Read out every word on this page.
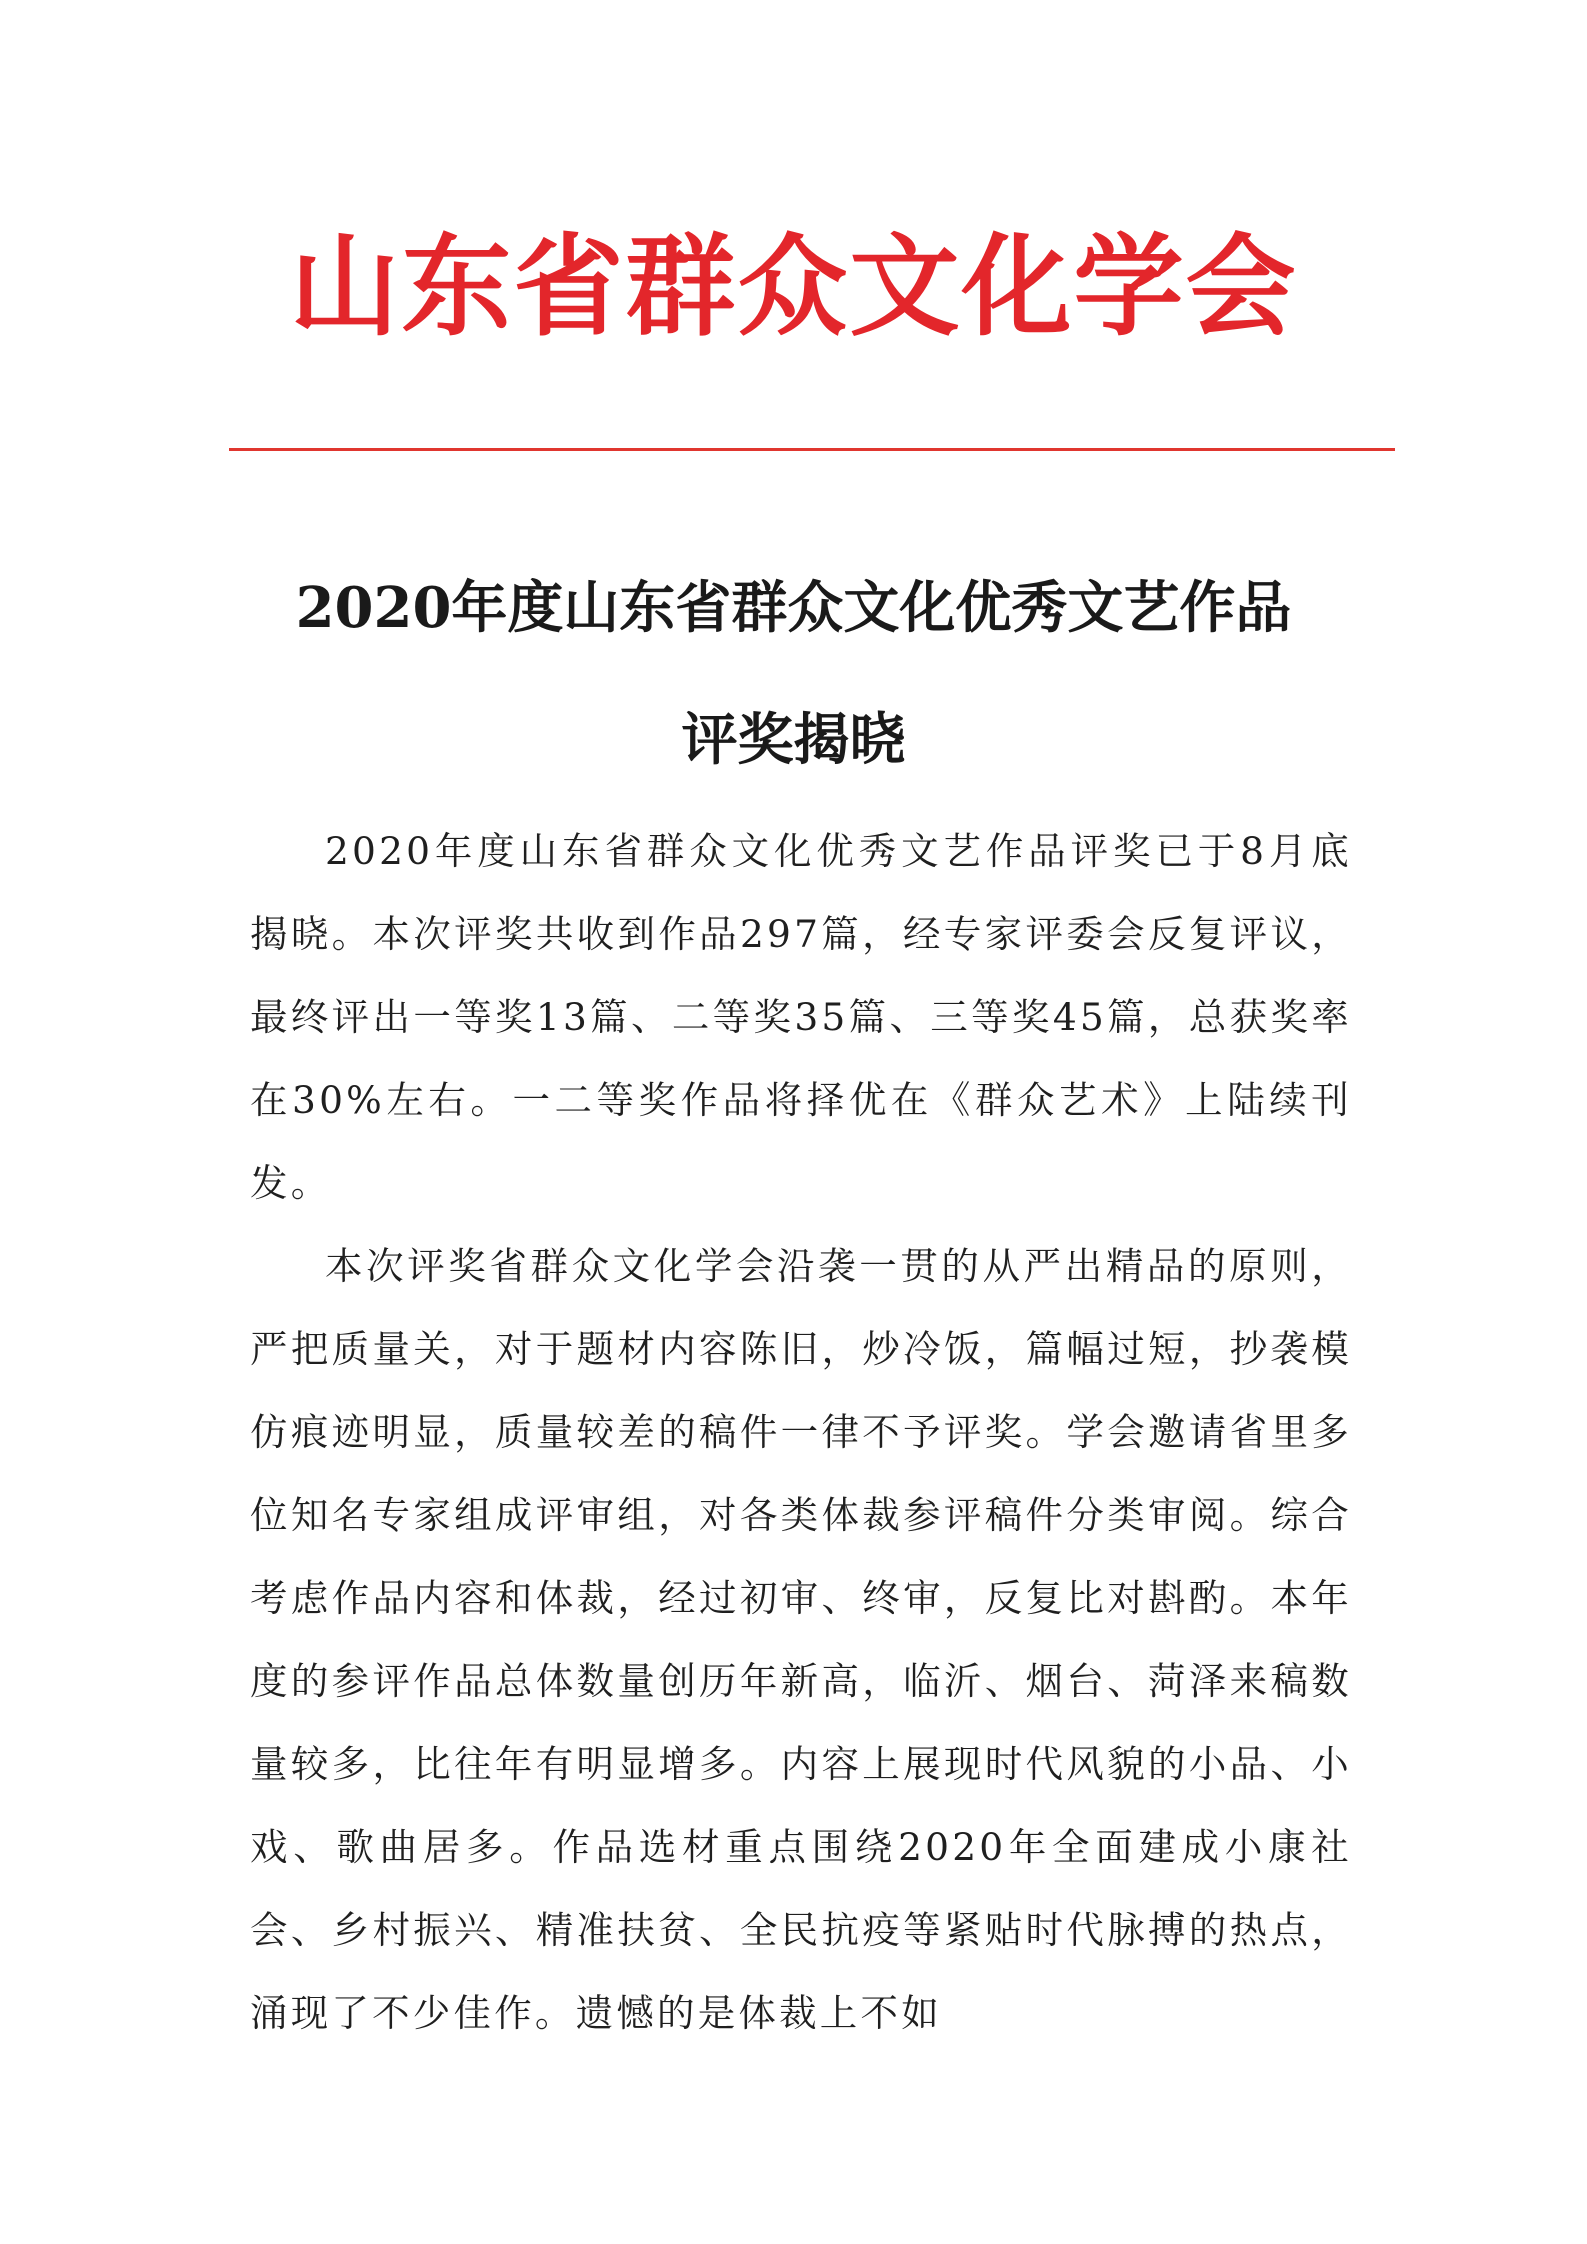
山东省群众文化学会
2020年度山东省群众文化优秀文艺作品
评奖揭晓

2020年度山东省群众文化优秀文艺作品评奖已于8月底揭晓。本次评奖共收到作品297篇，经专家评委会反复评议，最终评出一等奖13篇、二等奖35篇、三等奖45篇，总获奖率在30%左右。一二等奖作品将择优在《群众艺术》上陆续刊发。

本次评奖省群众文化学会沿袭一贯的从严出精品的原则，严把质量关，对于题材内容陈旧，炒冷饭，篇幅过短，抄袭模仿痕迹明显，质量较差的稿件一律不予评奖。学会邀请省里多位知名专家组成评审组，对各类体裁参评稿件分类审阅。综合考虑作品内容和体裁，经过初审、终审，反复比对斟酌。本年度的参评作品总体数量创历年新高，临沂、烟台、菏泽来稿数量较多，比往年有明显增多。内容上展现时代风貌的小品、小戏、歌曲居多。作品选材重点围绕2020年全面建成小康社会、乡村振兴、精准扶贫、全民抗疫等紧贴时代脉搏的热点，涌现了不少佳作。遗憾的是体裁上不如
